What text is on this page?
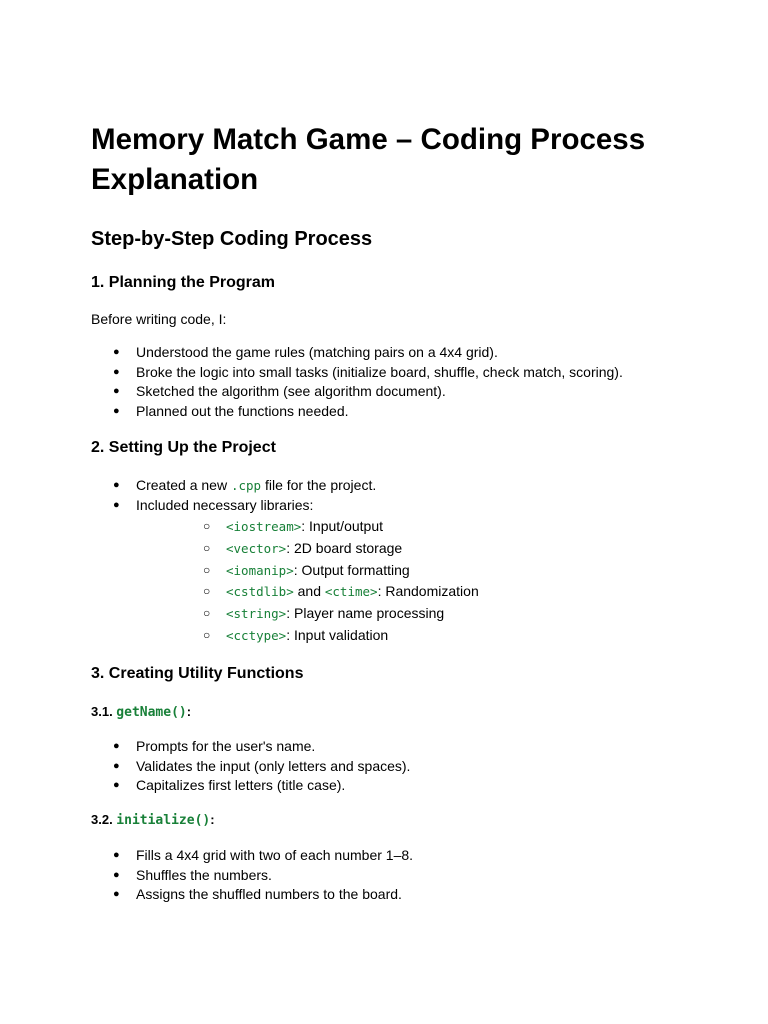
Memory Match Game – Coding Process Explanation
Step-by-Step Coding Process
1. Planning the Program

Before writing code, I:

● Understood the game rules (matching pairs on a 4x4 grid).
● Broke the logic into small tasks (initialize board, shuffle, check match, scoring).
● Sketched the algorithm (see algorithm document).
● Planned out the functions needed.
2. Setting Up the Project
● Created a new .cpp file for the project.
● Included necessary libraries:
○ <iostream>: Input/output
○ <vector>: 2D board storage
○ <iomanip>: Output formatting
○ <cstdlib> and <ctime>: Randomization
○ <string>: Player name processing
○ <cctype>: Input validation
3. Creating Utility Functions
3.1. getName():
● Prompts for the user's name.
● Validates the input (only letters and spaces).
● Capitalizes first letters (title case).
3.2. initialize():
● Fills a 4x4 grid with two of each number 1–8.
● Shuffles the numbers.
● Assigns the shuffled numbers to the board.
